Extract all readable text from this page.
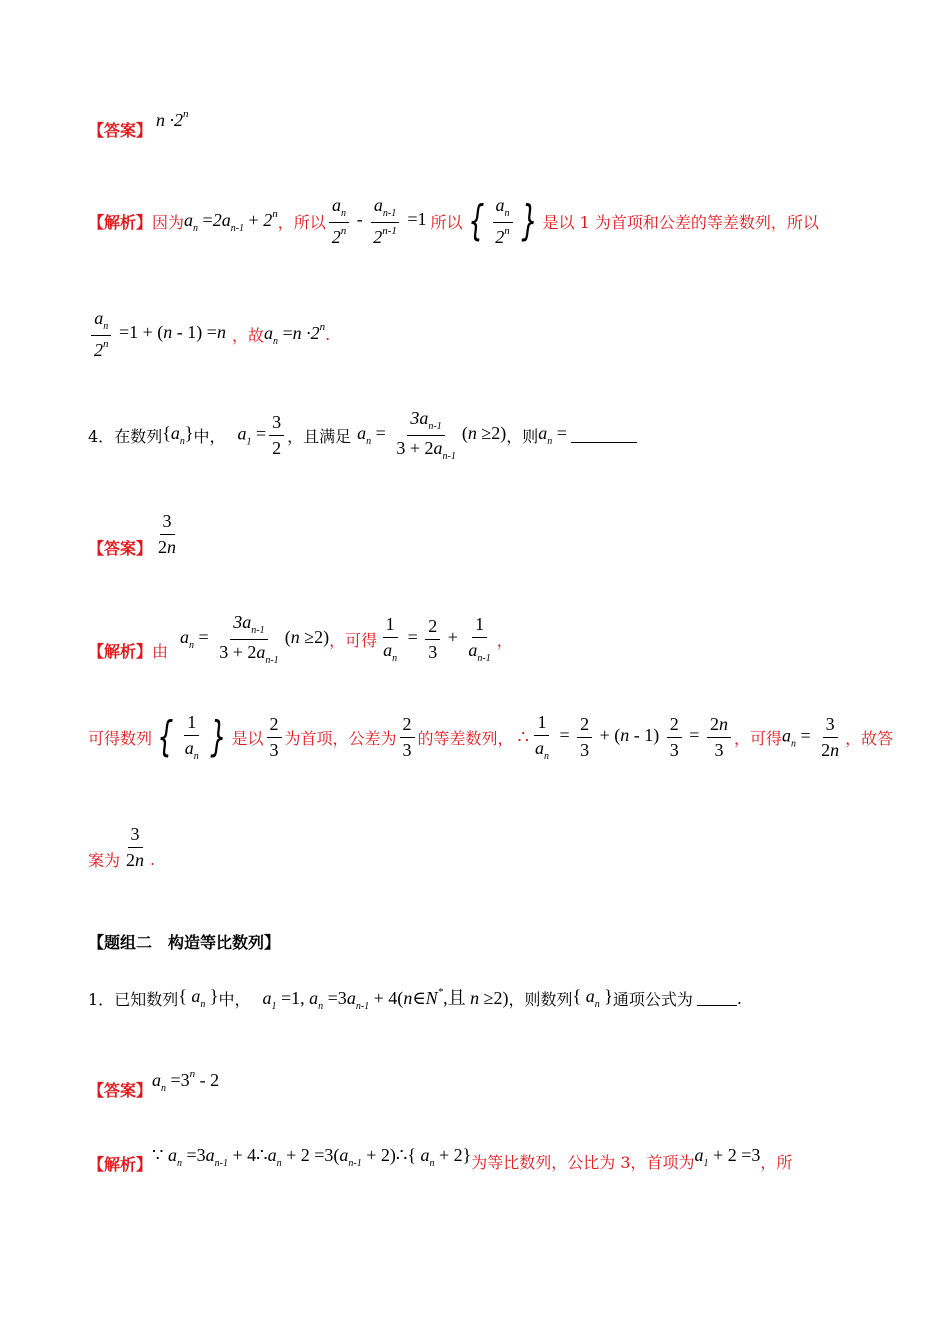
【答案】
$n \cdot 2^n$
【解析】 因为 $a_n =2a_{n-1} + 2^n$ ，所以 $\frac{a_n}{2^n} - \frac{a_{n-1}}{2^{n-1}} =1$ 所以 { $\frac{a_n}{2^n}$ } 是以 1 为首项和公差的等差数列，所以
$\frac{a_n}{2^n} =1 + (n - 1) =n$ ，故 $a_n =n \cdot 2^n$ .
4． 在数列 $\{a_n\}$ 中， $a_1 = \frac{3}{2}$ ，且满足 $a_n = \frac{3a_{n-1}}{3 + 2a_{n-1}} (n \ge 2)$ ，则 $a_n$ =
【答案】 $\frac{3}{2n}$
【解析】 由
$a_n = \frac{3a_{n-1}}{3 + 2a_{n-1}} (n \ge 2)$ ，可得 $\frac{1}{a_n} = \frac{2}{3} + \frac{1}{a_{n-1}}$ ，
可得数列 { $\frac{1}{a_n}$ } 是以 $\frac{2}{3}$ 为首项，公差为 $\frac{2}{3}$ 的等差数列， ∴ $\frac{1}{a_n} = \frac{2}{3} + (n - 1) \frac{2}{3} = \frac{2n}{3}$ ，可得 $a_n = \frac{3}{2n}$ ，故答
案为 $\frac{3}{2n}$ .
【题组二　构造等比数列】
1． 已知数列 { $a_n$ } 中， $a_1 =1$, $a_n =3a_{n-1}$ + 4(n∈N*,且 n ≥2) ，则数列 { $a_n$ } 通项公式为	.
【答案】
$a_n =3^n - 2$
【解析】 ∵ $a_n =3a_{n-1}$ + $4\therefore a_n + 2 =3(a_{n-1}$ + 2)∴{ $a_n + 2$} 为等比数列，公比为 3，首项为 $a_1 + 2 =3$ ，所
